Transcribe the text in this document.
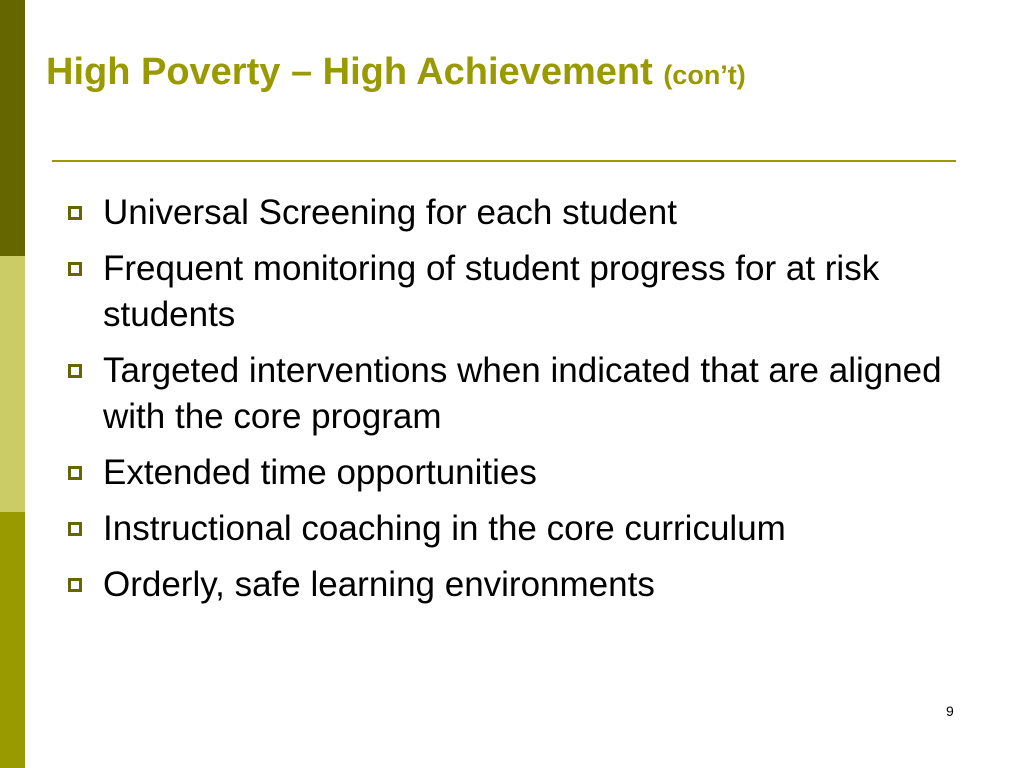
High Poverty – High Achievement (con’t)
Universal Screening for each student
Frequent monitoring of student progress for at risk students
Targeted interventions when indicated that are aligned with the core program
Extended time opportunities
Instructional coaching in the core curriculum
Orderly, safe learning environments
9
